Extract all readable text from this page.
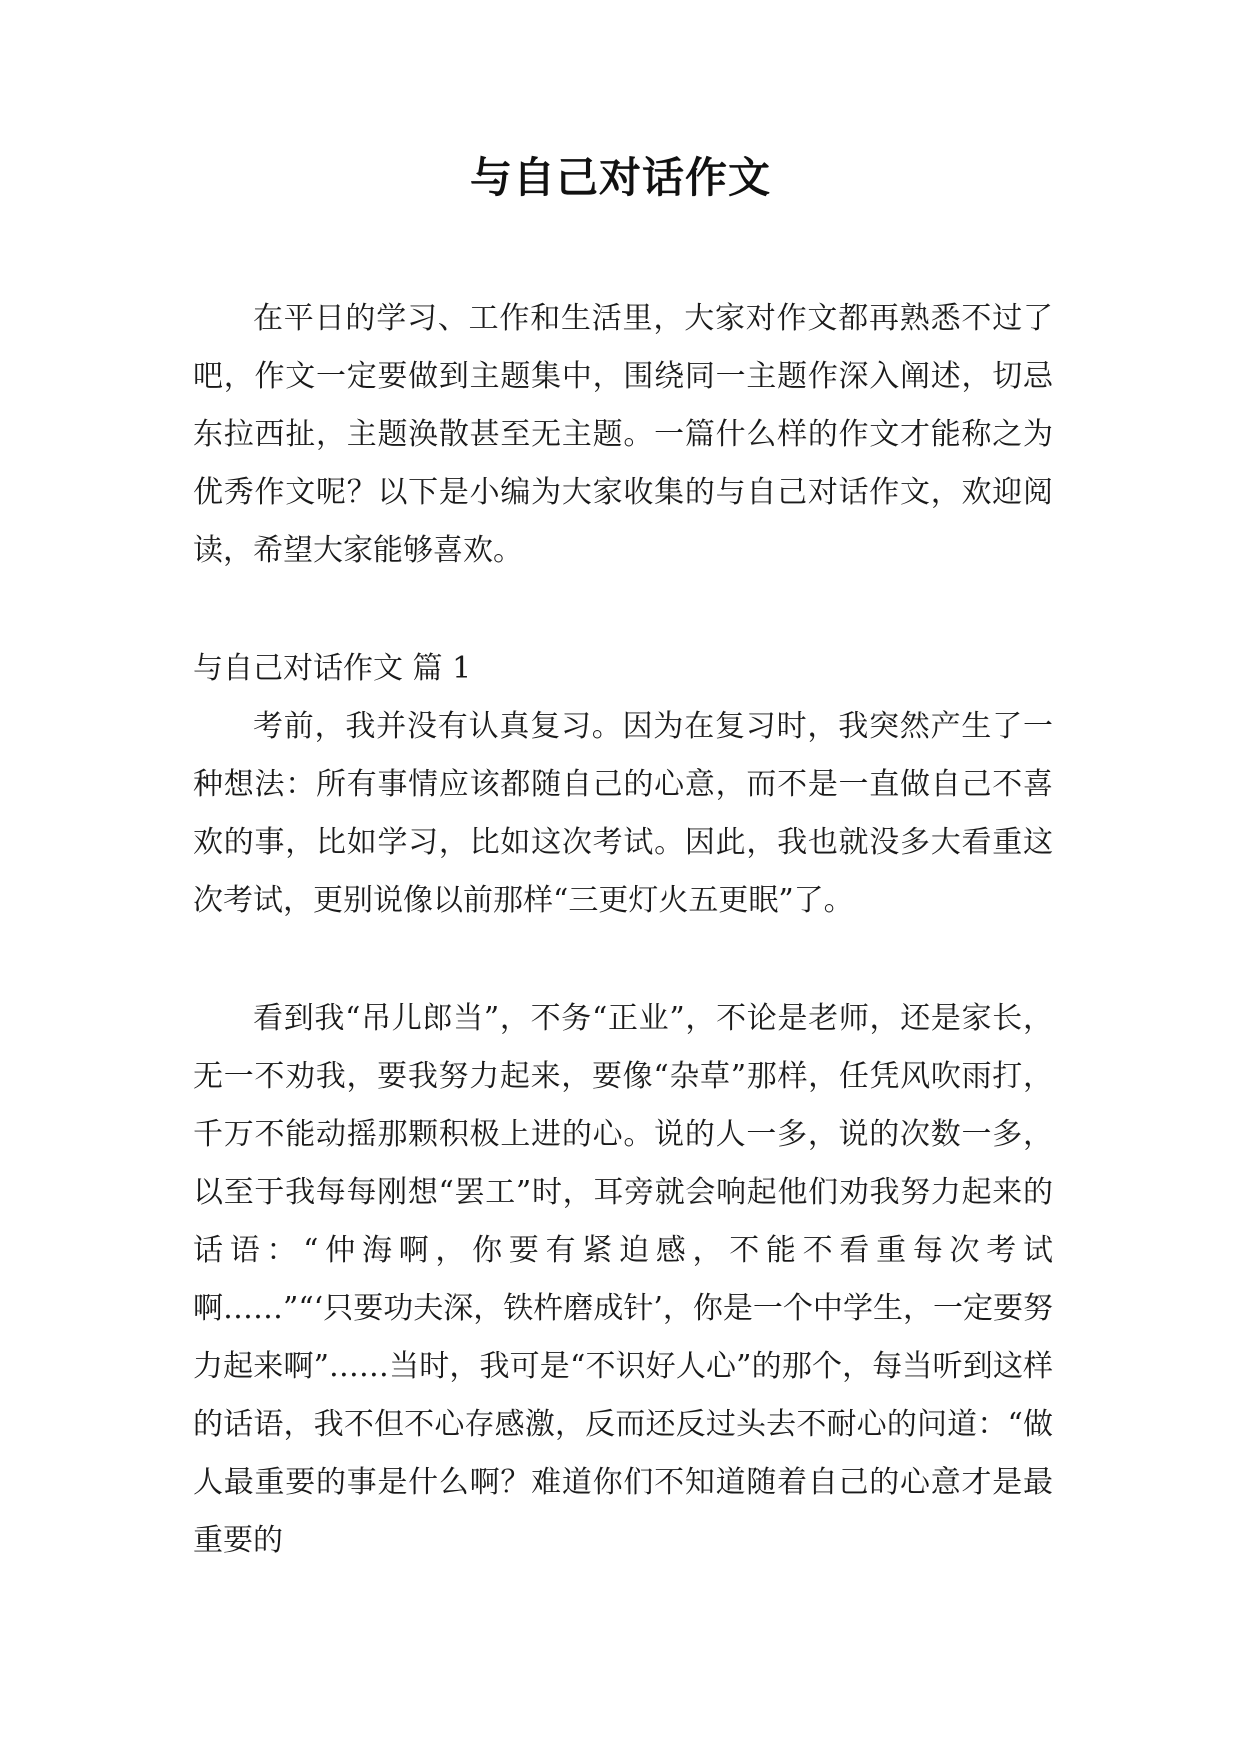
与自己对话作文
在平日的学习、工作和生活里，大家对作文都再熟悉不过了吧，作文一定要做到主题集中，围绕同一主题作深入阐述，切忌东拉西扯，主题涣散甚至无主题。一篇什么样的作文才能称之为优秀作文呢？以下是小编为大家收集的与自己对话作文，欢迎阅读，希望大家能够喜欢。
与自己对话作文 篇 1
考前，我并没有认真复习。因为在复习时，我突然产生了一种想法：所有事情应该都随自己的心意，而不是一直做自己不喜欢的事，比如学习，比如这次考试。因此，我也就没多大看重这次考试，更别说像以前那样“三更灯火五更眠”了。
看到我“吊儿郎当”，不务“正业”，不论是老师，还是家长，无一不劝我，要我努力起来，要像“杂草”那样，任凭风吹雨打，千万不能动摇那颗积极上进的心。说的人一多，说的次数一多，以至于我每每刚想“罢工”时，耳旁就会响起他们劝我努力起来的话语：“仲海啊，你要有紧迫感，不能不看重每次考试啊……”“‘只要功夫深，铁杵磨成针’，你是一个中学生，一定要努力起来啊”……当时，我可是“不识好人心”的那个，每当听到这样的话语，我不但不心存感激，反而还反过头去不耐心的问道：“做人最重要的事是什么啊？难道你们不知道随着自己的心意才是最重要的
